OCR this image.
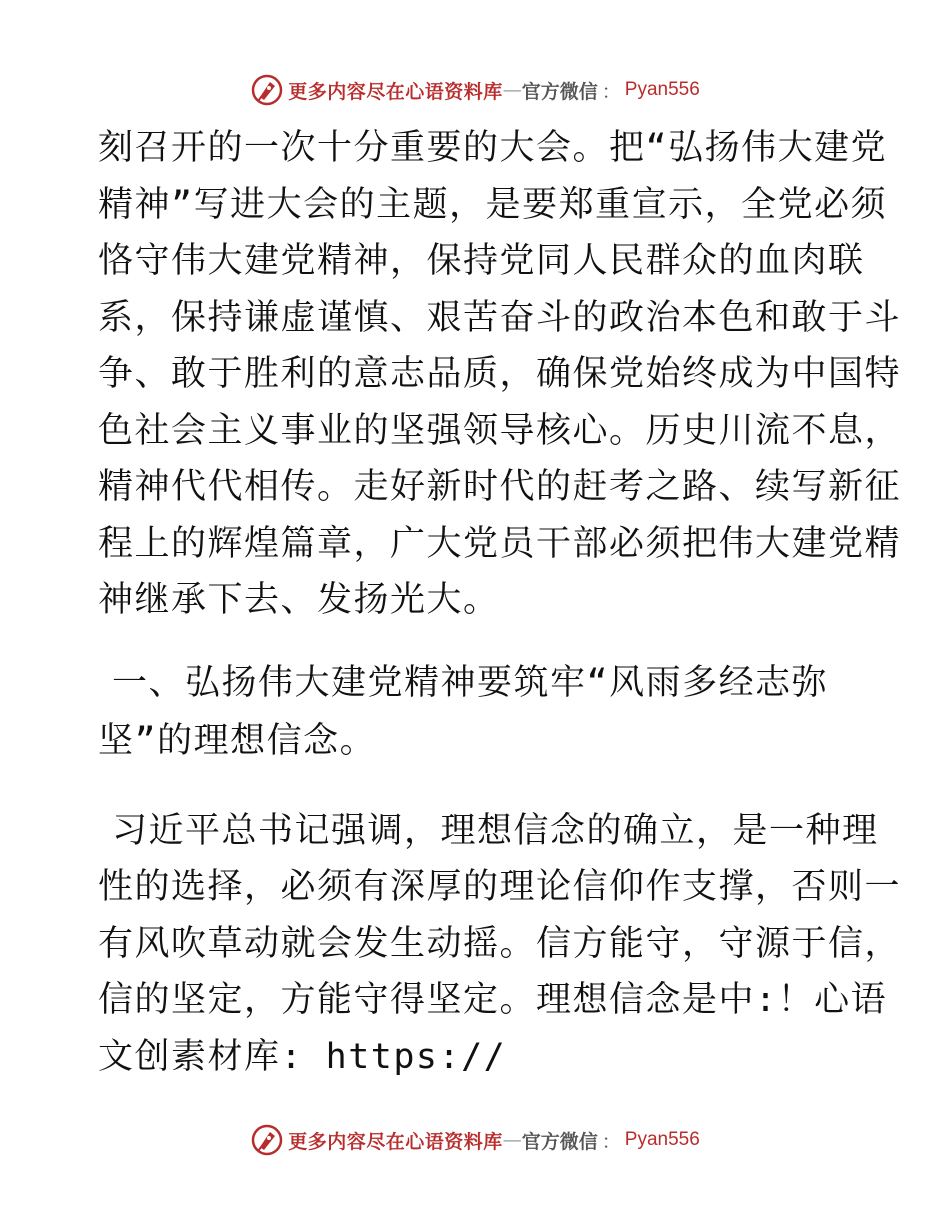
更多内容尽在心语资料库 — 官方微信 ： Pyan556

刻召开的一次十分重要的大会。把“弘扬伟大建党
精神”写进大会的主题，是要郑重宣示，全党必须
恪守伟大建党精神，保持党同人民群众的血肉联
系，保持谦虚谨慎、艰苦奋斗的政治本色和敢于斗
争、敢于胜利的意志品质，确保党始终成为中国特
色社会主义事业的坚强领导核心。历史川流不息，
精神代代相传。走好新时代的赶考之路、续写新征
程上的辉煌篇章，广大党员干部必须把伟大建党精
神继承下去、发扬光大。

一、弘扬伟大建党精神要筑牢“风雨多经志弥
坚”的理想信念。

习近平总书记强调，理想信念的确立，是一种理
性的选择，必须有深厚的理论信仰作支撑，否则一
有风吹草动就会发生动摇。信方能守，守源于信，
信的坚定，方能守得坚定。理想信念是中:！心语
文创素材库: https://

更多内容尽在心语资料库 — 官方微信 ： Pyan556
